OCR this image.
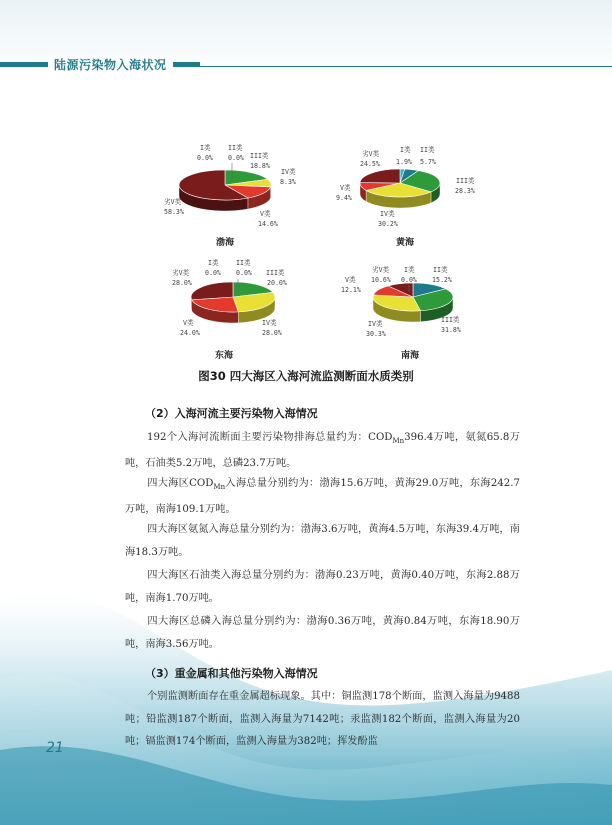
陆源污染物入海状况
I类
0.0%
II类
0.0% III类
18.8%
IV类
8.3%
V类
14.6%
劣V类
58.3%
渤海
劣V类
24.5%
I类
1.9%
II类
5.7%
III类
28.3%
IV类
30.2%
V类
9.4%
黄海
劣V类
28.0%
I类
0.0%
II类
0.0% III类
20.0%
IV类
28.0%
V类
24.0%
东海
劣V类
10.6%
V类
12.1%
I类
0.0%
II类
15.2%
III类
31.8%
IV类
30.3%
南海
图30 四大海区入海河流监测断面水质类别
（2）入海河流主要污染物入海情况
192个入海河流断面主要污染物排海总量约为：$COD_{Mn}396.4$万吨，氨氮65.8万吨，石油类5.2万吨，总磷23.7万吨。
四大海区$COD_{Mn}$入海总量分别约为：渤海15.6万吨，黄海29.0万吨，东海242.7万吨，南海109.1万吨。
四大海区氨氮入海总量分别约为：渤海3.6万吨，黄海4.5万吨，东海39.4万吨，南海18.3万吨。
四大海区石油类入海总量分别约为：渤海0.23万吨，黄海0.40万吨，东海2.88万吨，南海1.70万吨。
四大海区总磷入海总量分别约为：渤海0.36万吨，黄海0.84万吨，东海18.90万吨，南海3.56万吨。
（3）重金属和其他污染物入海情况
个别监测断面存在重金属超标现象。其中：铜监测178个断面，监测入海量为9488吨；铅监测187个断面，监测入海量为7142吨；汞监测182个断面，监测入海量为20吨；镉监测174个断面，监测入海量为382吨；挥发酚监
21
